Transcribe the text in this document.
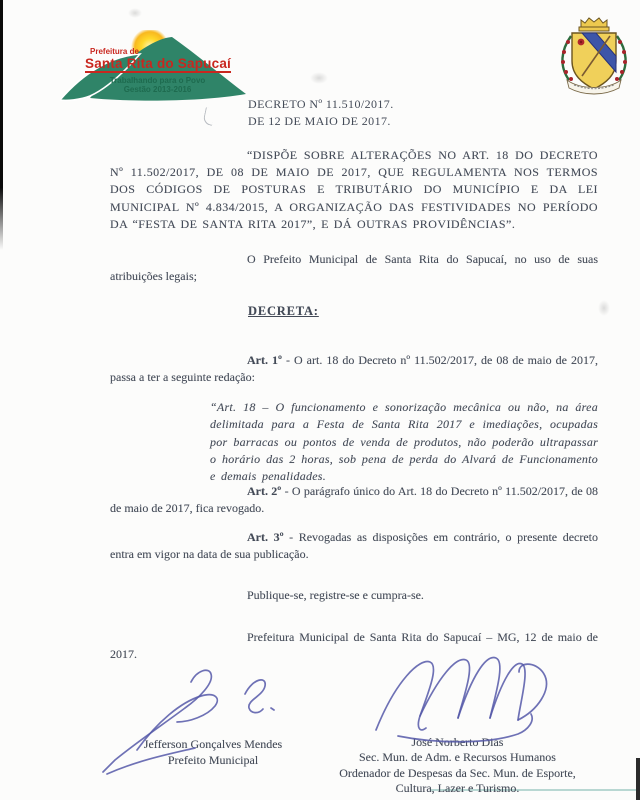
Prefeitura de
Santa Rita do Sapucaí
Trabalhando para o Povo
Gestão 2013-2016
DECRETO Nº 11.510/2017.
DE 12 DE MAIO DE 2017.

“DISPÕE SOBRE ALTERAÇÕES NO ART. 18 DO DECRETO Nº 11.502/2017, DE 08 DE MAIO DE 2017, QUE REGULAMENTA NOS TERMOS DOS CÓDIGOS DE POSTURAS E TRIBUTÁRIO DO MUNICÍPIO E DA LEI MUNICIPAL Nº 4.834/2015, A ORGANIZAÇÃO DAS FESTIVIDADES NO PERÍODO DA “FESTA DE SANTA RITA 2017”, E DÁ OUTRAS PROVIDÊNCIAS”.

O Prefeito Municipal de Santa Rita do Sapucaí, no uso de suas atribuições legais;

DECRETA:

Art. 1º - O art. 18 do Decreto nº 11.502/2017, de 08 de maio de 2017, passa a ter a seguinte redação:

“Art. 18 – O funcionamento e sonorização mecânica ou não, na área delimitada para a Festa de Santa Rita 2017 e imediações, ocupadas por barracas ou pontos de venda de produtos, não poderão ultrapassar o horário das 2 horas, sob pena de perda do Alvará de Funcionamento e demais penalidades.

Art. 2º - O parágrafo único do Art. 18 do Decreto nº 11.502/2017, de 08 de maio de 2017, fica revogado.

Art. 3º - Revogadas as disposições em contrário, o presente decreto entra em vigor na data de sua publicação.

Publique-se, registre-se e cumpra-se.

Prefeitura Municipal de Santa Rita do Sapucaí – MG, 12 de maio de 2017.

Jefferson Gonçalves Mendes
Prefeito Municipal
José Norberto Dias
Sec. Mun. de Adm. e Recursos Humanos
Ordenador de Despesas da Sec. Mun. de Esporte,
Cultura, Lazer e Turismo.
